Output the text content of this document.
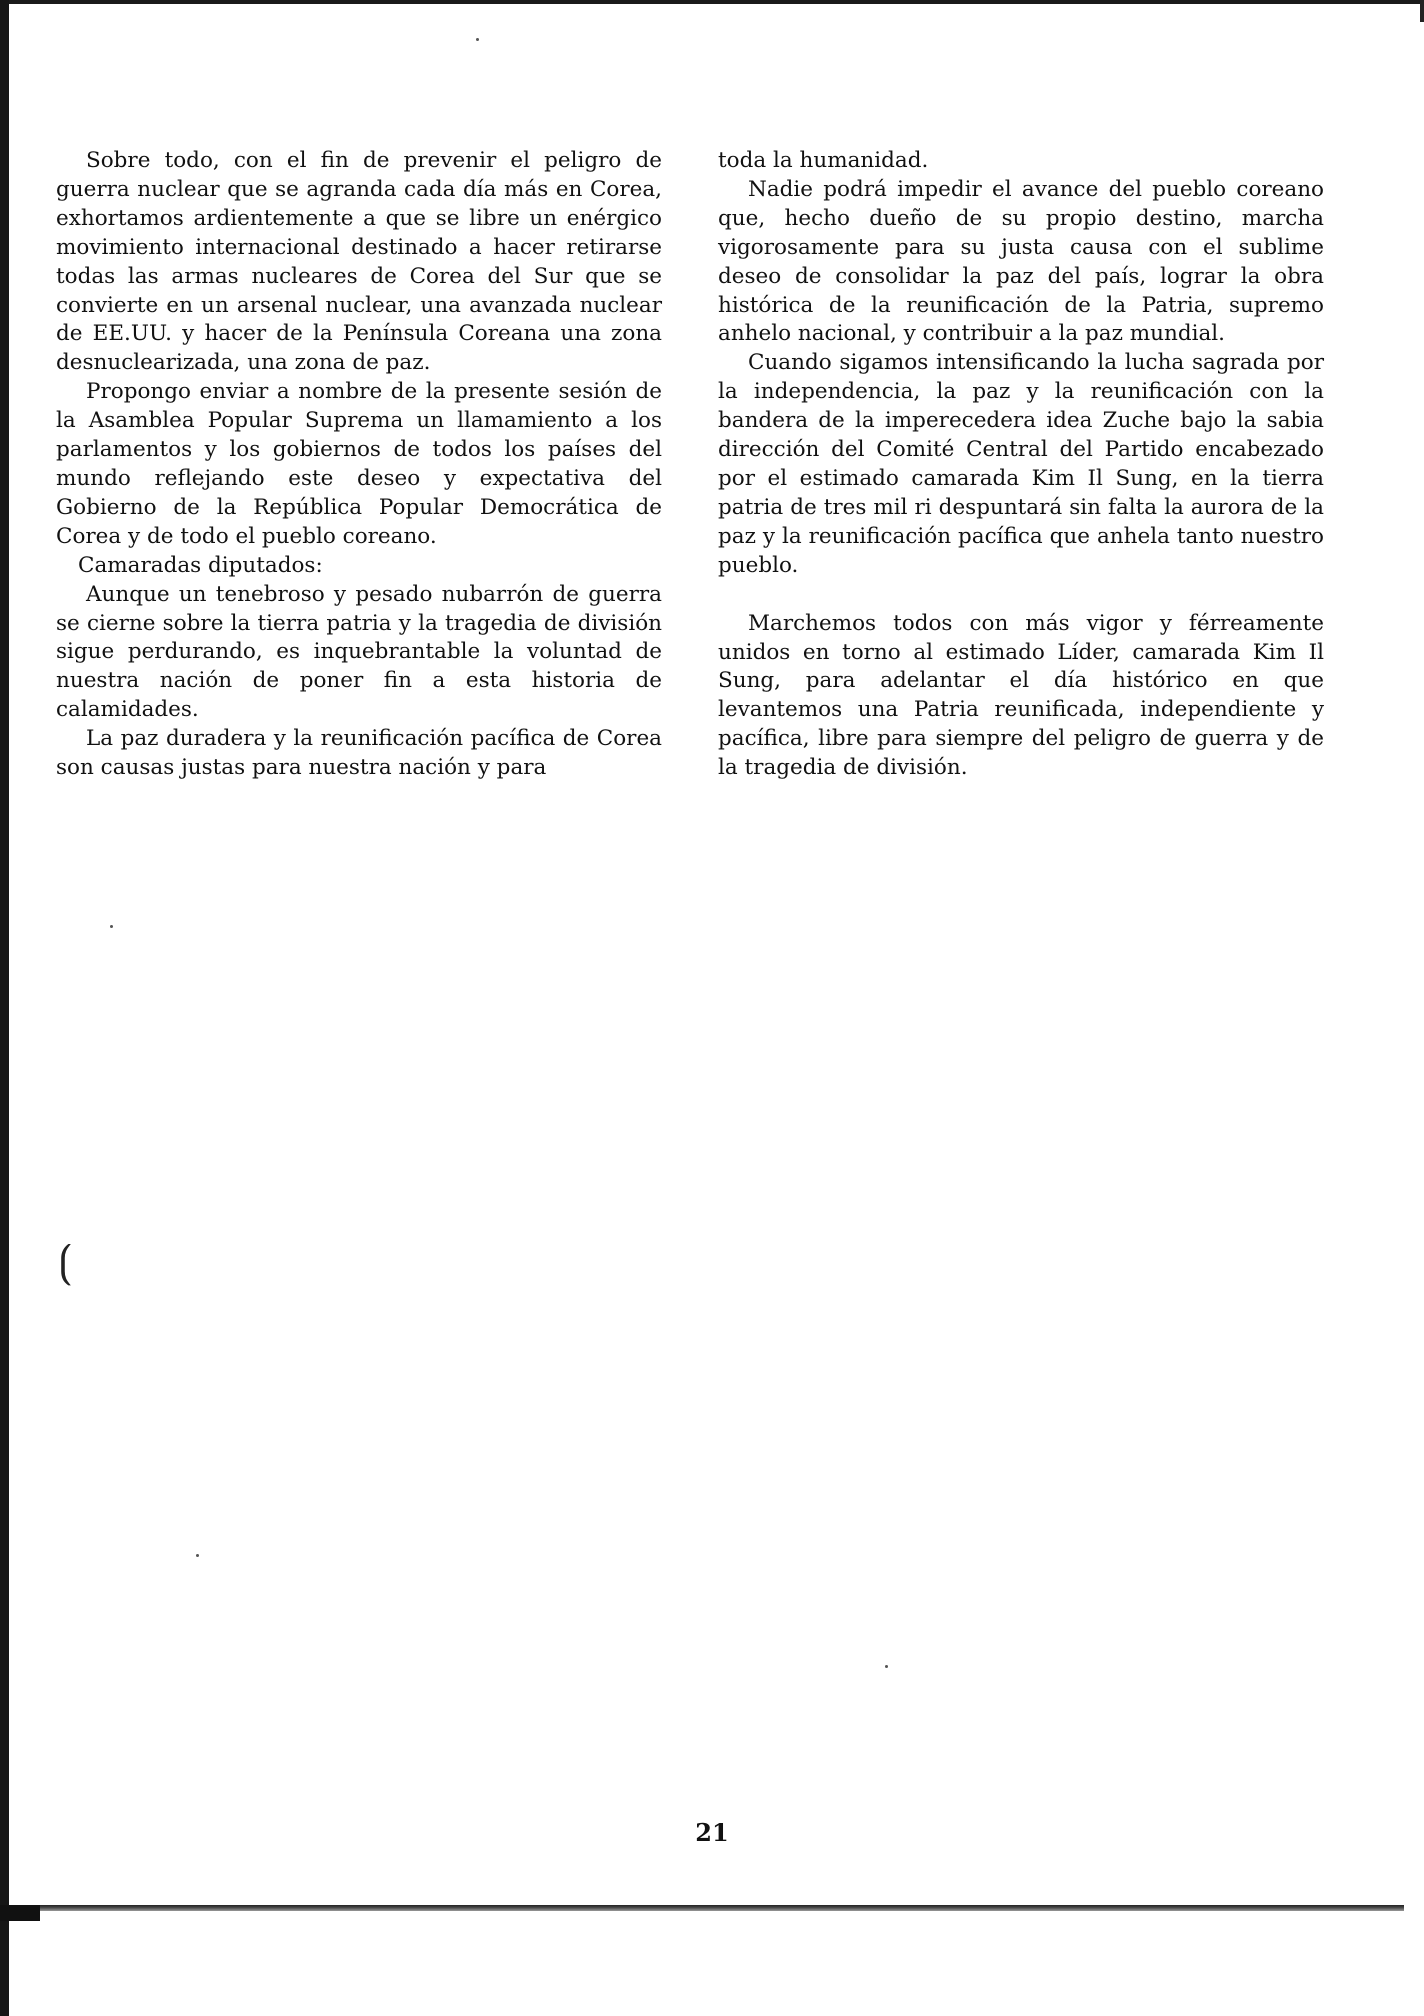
Sobre todo, con el fin de prevenir el peligro de guerra nuclear que se agranda cada día más en Corea, exhortamos ardientemente a que se libre un enérgico movimiento internacional destinado a hacer retirarse todas las armas nucleares de Corea del Sur que se convierte en un arsenal nuclear, una avanzada nuclear de EE.UU. y hacer de la Península Coreana una zona desnuclearizada, una zona de paz.

Propongo enviar a nombre de la presente sesión de la Asamblea Popular Suprema un llamamiento a los parlamentos y los gobiernos de todos los países del mundo reflejando este deseo y expectativa del Gobierno de la República Popular Democrática de Corea y de todo el pueblo coreano.

Camaradas diputados:

Aunque un tenebroso y pesado nubarrón de guerra se cierne sobre la tierra patria y la tragedia de división sigue perdurando, es inquebrantable la voluntad de nuestra nación de poner fin a esta historia de calamidades.

La paz duradera y la reunificación pacífica de Corea son causas justas para nuestra nación y para

toda la humanidad.

Nadie podrá impedir el avance del pueblo coreano que, hecho dueño de su propio destino, marcha vigorosamente para su justa causa con el sublime deseo de consolidar la paz del país, lograr la obra histórica de la reunificación de la Patria, supremo anhelo nacional, y contribuir a la paz mundial.

Cuando sigamos intensificando la lucha sagrada por la independencia, la paz y la reunificación con la bandera de la imperecedera idea Zuche bajo la sabia dirección del Comité Central del Partido encabezado por el estimado camarada Kim Il Sung, en la tierra patria de tres mil ri despuntará sin falta la aurora de la paz y la reunificación pacífica que anhela tanto nuestro pueblo.

Marchemos todos con más vigor y férreamente unidos en torno al estimado Líder, camarada Kim Il Sung, para adelantar el día histórico en que levantemos una Patria reunificada, independiente y pacífica, libre para siempre del peligro de guerra y de la tragedia de división.

⟮
21
